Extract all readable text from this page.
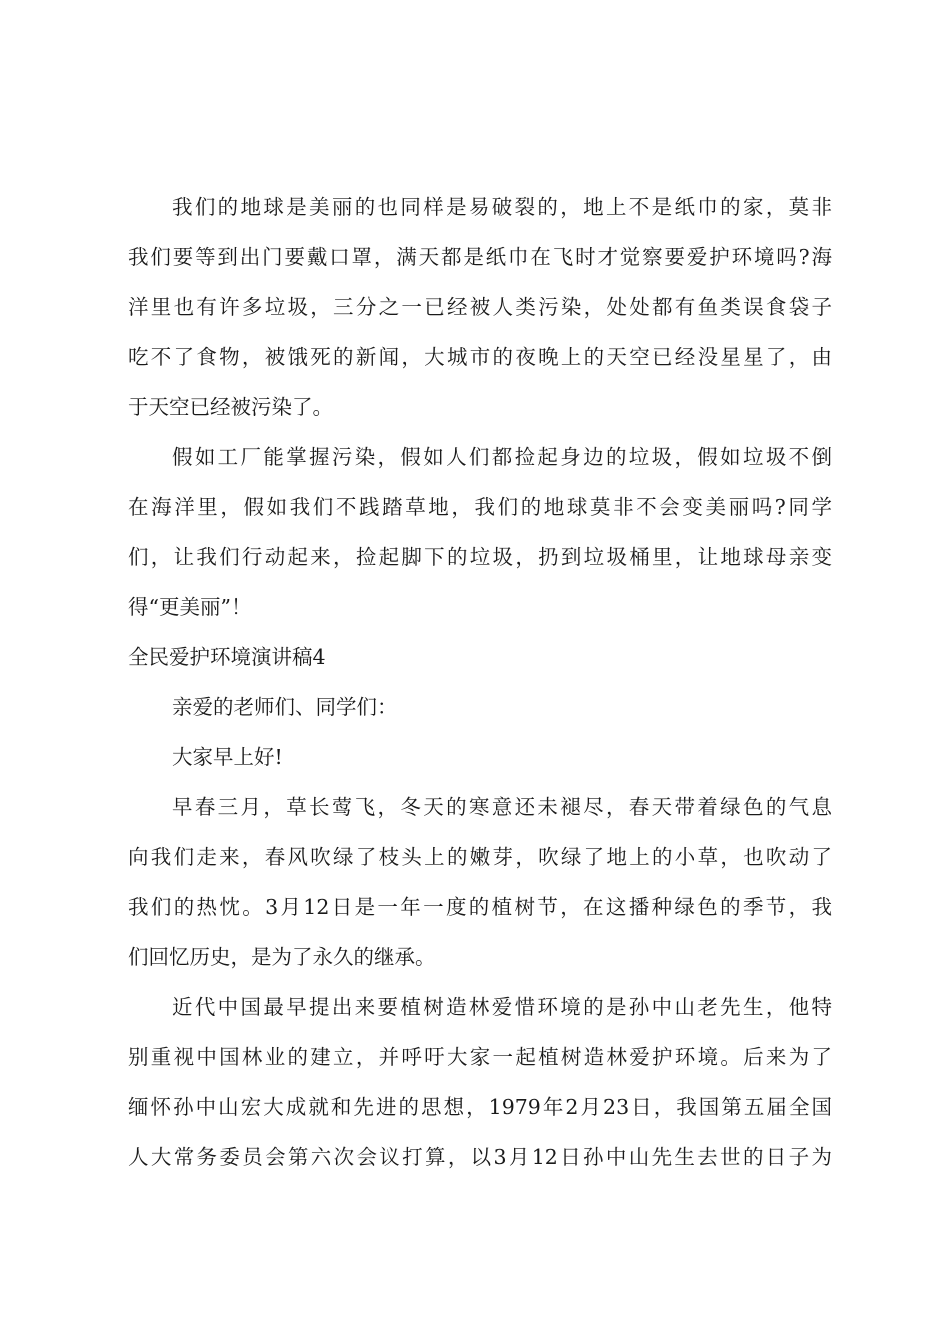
我们的地球是美丽的也同样是易破裂的，地上不是纸巾的家，莫非
我们要等到出门要戴口罩，满天都是纸巾在飞时才觉察要爱护环境吗?海
洋里也有许多垃圾，三分之一已经被人类污染，处处都有鱼类误食袋子
吃不了食物，被饿死的新闻，大城市的夜晚上的天空已经没星星了，由
于天空已经被污染了。
假如工厂能掌握污染，假如人们都捡起身边的垃圾，假如垃圾不倒
在海洋里，假如我们不践踏草地，我们的地球莫非不会变美丽吗?同学
们，让我们行动起来，捡起脚下的垃圾，扔到垃圾桶里，让地球母亲变
得“更美丽”！
全民爱护环境演讲稿4
亲爱的老师们、同学们：
大家早上好!
早春三月，草长莺飞，冬天的寒意还未褪尽，春天带着绿色的气息
向我们走来，春风吹绿了枝头上的嫩芽，吹绿了地上的小草，也吹动了
我们的热忱。3月12日是一年一度的植树节，在这播种绿色的季节，我
们回忆历史，是为了永久的继承。
近代中国最早提出来要植树造林爱惜环境的是孙中山老先生，他特
别重视中国林业的建立，并呼吁大家一起植树造林爱护环境。后来为了
缅怀孙中山宏大成就和先进的思想，1979年2月23日，我国第五届全国
人大常务委员会第六次会议打算，以3月12日孙中山先生去世的日子为
